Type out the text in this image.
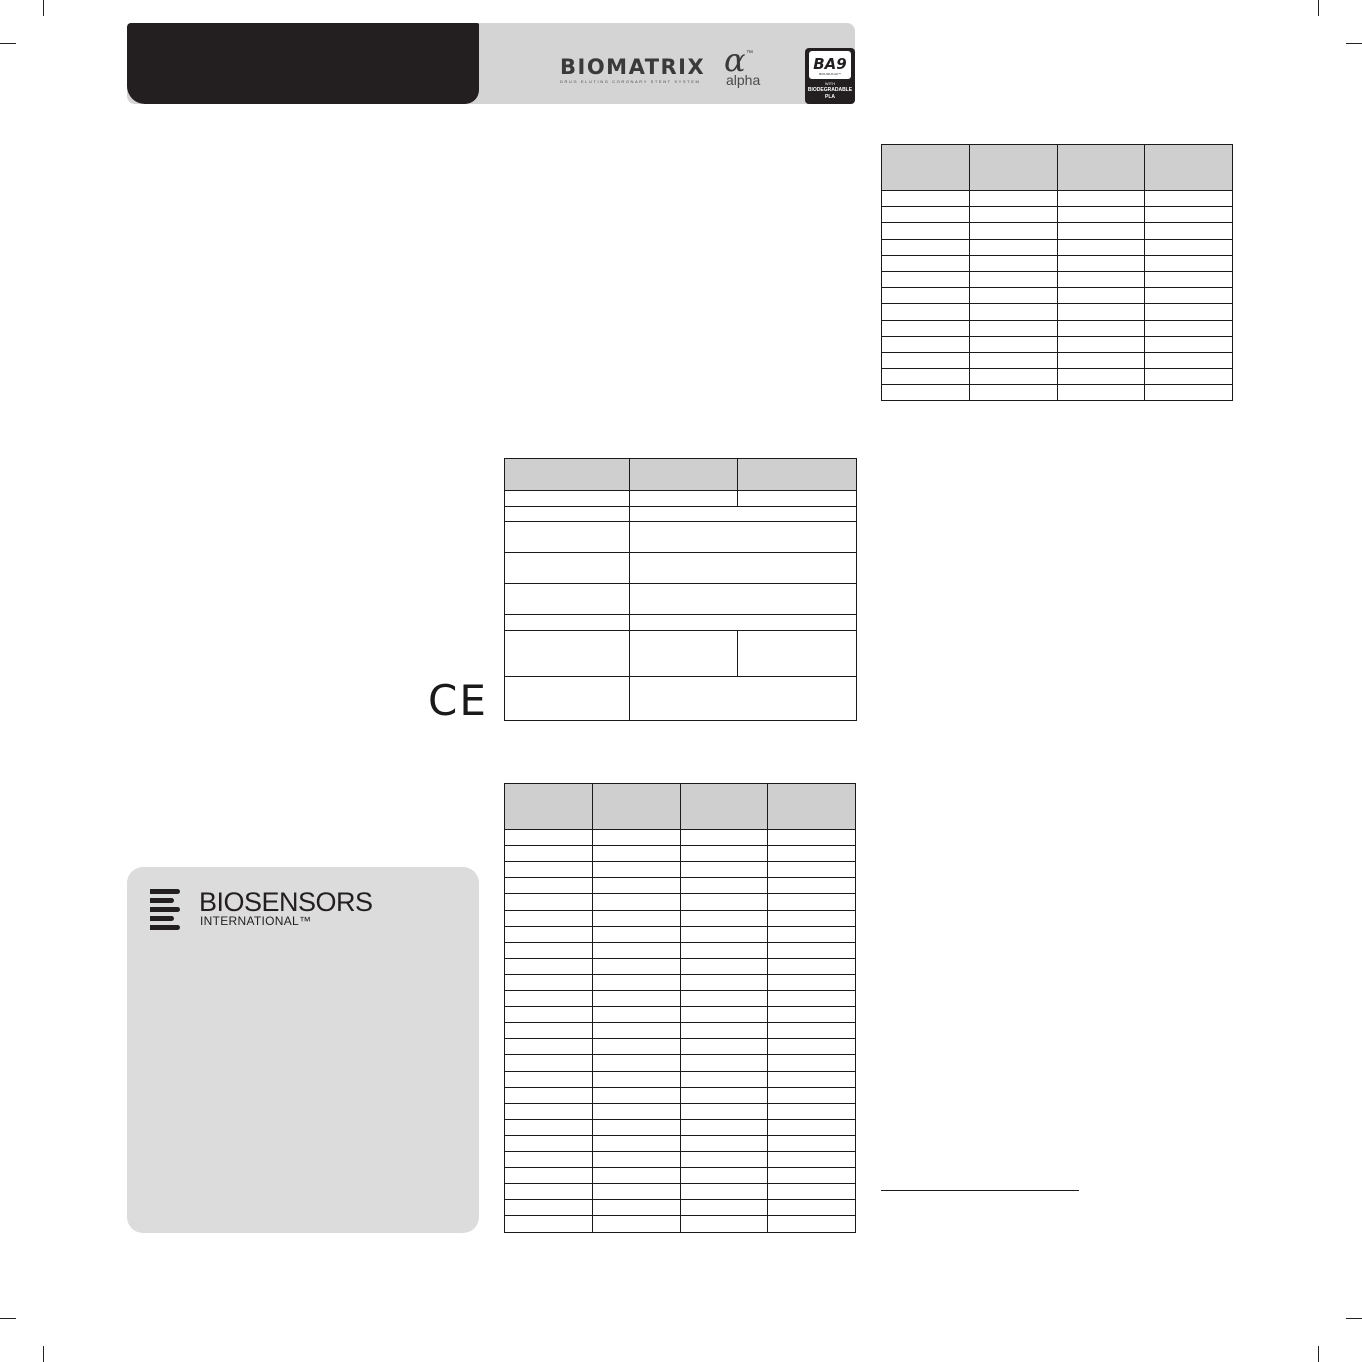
BIOMATRIX α ™
DRUG ELUTING CORONARY STENT SYSTEM alpha
BA9
BIOLIMUS A9™
WITH
BIODEGRADABLE
PLA
CE
BIOSENSORS
INTERNATIONAL™
